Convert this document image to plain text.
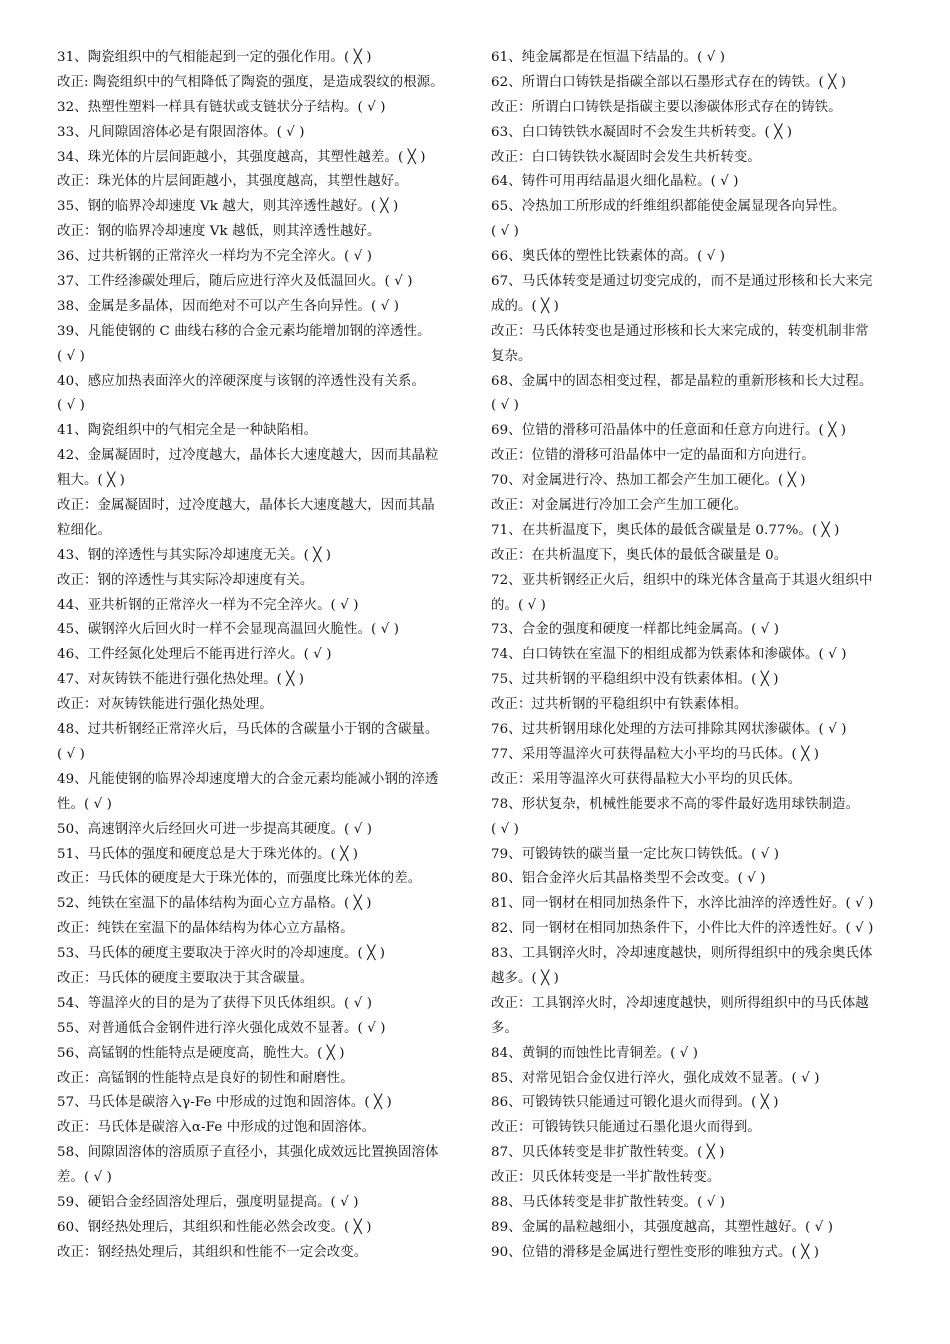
31、陶瓷组织中的气相能起到一定的强化作用。( ╳ )
改正: 陶瓷组织中的气相降低了陶瓷的强度，是造成裂纹的根源。
32、热塑性塑料一样具有链状或支链状分子结构。( √ )
33、凡间隙固溶体必是有限固溶体。( √ )
34、珠光体的片层间距越小，其强度越高，其塑性越差。( ╳ )
改正：珠光体的片层间距越小，其强度越高，其塑性越好。
35、钢的临界冷却速度 Vk 越大，则其淬透性越好。( ╳ )
改正：钢的临界冷却速度 Vk 越低，则其淬透性越好。
36、过共析钢的正常淬火一样均为不完全淬火。( √ )
37、工件经渗碳处理后，随后应进行淬火及低温回火。( √ )
38、金属是多晶体，因而绝对不可以产生各向异性。( √ )
39、凡能使钢的 C 曲线右移的合金元素均能增加钢的淬透性。
( √ )
40、感应加热表面淬火的淬硬深度与该钢的淬透性没有关系。
( √ )
41、陶瓷组织中的气相完全是一种缺陷相。
42、金属凝固时，过冷度越大，晶体长大速度越大，因而其晶粒
粗大。( ╳ )
改正：金属凝固时，过冷度越大，晶体长大速度越大，因而其晶
粒细化。
43、钢的淬透性与其实际冷却速度无关。( ╳ )
改正：钢的淬透性与其实际冷却速度有关。
44、亚共析钢的正常淬火一样为不完全淬火。( √ )
45、碳钢淬火后回火时一样不会显现高温回火脆性。( √ )
46、工件经氮化处理后不能再进行淬火。( √ )
47、对灰铸铁不能进行强化热处理。( ╳ )
改正：对灰铸铁能进行强化热处理。
48、过共析钢经正常淬火后，马氏体的含碳量小于钢的含碳量。
( √ )
49、凡能使钢的临界冷却速度增大的合金元素均能减小钢的淬透
性。( √ )
50、高速钢淬火后经回火可进一步提高其硬度。( √ )
51、马氏体的强度和硬度总是大于珠光体的。( ╳ )
改正：马氏体的硬度是大于珠光体的，而强度比珠光体的差。
52、纯铁在室温下的晶体结构为面心立方晶格。( ╳ )
改正：纯铁在室温下的晶体结构为体心立方晶格。
53、马氏体的硬度主要取决于淬火时的冷却速度。( ╳ )
改正：马氏体的硬度主要取决于其含碳量。
54、等温淬火的目的是为了获得下贝氏体组织。( √ )
55、对普通低合金钢件进行淬火强化成效不显著。( √ )
56、高锰钢的性能特点是硬度高，脆性大。( ╳ )
改正：高锰钢的性能特点是良好的韧性和耐磨性。
57、马氏体是碳溶入γ-Fe 中形成的过饱和固溶体。( ╳ )
改正：马氏体是碳溶入α-Fe 中形成的过饱和固溶体。
58、间隙固溶体的溶质原子直径小，其强化成效远比置换固溶体
差。( √ )
59、硬铝合金经固溶处理后，强度明显提高。( √ )
60、钢经热处理后，其组织和性能必然会改变。( ╳ )
改正：钢经热处理后，其组织和性能不一定会改变。
61、纯金属都是在恒温下结晶的。( √ )
62、所谓白口铸铁是指碳全部以石墨形式存在的铸铁。( ╳ )
改正：所谓白口铸铁是指碳主要以渗碳体形式存在的铸铁。
63、白口铸铁铁水凝固时不会发生共析转变。( ╳ )
改正：白口铸铁铁水凝固时会发生共析转变。
64、铸件可用再结晶退火细化晶粒。( √ )
65、冷热加工所形成的纤维组织都能使金属显现各向异性。
( √ )
66、奥氏体的塑性比铁素体的高。( √ )
67、马氏体转变是通过切变完成的，而不是通过形核和长大来完
成的。( ╳ )
改正：马氏体转变也是通过形核和长大来完成的，转变机制非常
复杂。
68、金属中的固态相变过程，都是晶粒的重新形核和长大过程。
( √ )
69、位错的滑移可沿晶体中的任意面和任意方向进行。( ╳ )
改正：位错的滑移可沿晶体中一定的晶面和方向进行。
70、对金属进行冷、热加工都会产生加工硬化。( ╳ )
改正：对金属进行冷加工会产生加工硬化。
71、在共析温度下，奥氏体的最低含碳量是 0.77%。( ╳ )
改正：在共析温度下，奥氏体的最低含碳量是 0。
72、亚共析钢经正火后，组织中的珠光体含量高于其退火组织中
的。( √ )
73、合金的强度和硬度一样都比纯金属高。( √ )
74、白口铸铁在室温下的相组成都为铁素体和渗碳体。( √ )
75、过共析钢的平稳组织中没有铁素体相。( ╳ )
改正：过共析钢的平稳组织中有铁素体相。
76、过共析钢用球化处理的方法可排除其网状渗碳体。( √ )
77、采用等温淬火可获得晶粒大小平均的马氏体。( ╳ )
改正：采用等温淬火可获得晶粒大小平均的贝氏体。
78、形状复杂，机械性能要求不高的零件最好选用球铁制造。
( √ )
79、可锻铸铁的碳当量一定比灰口铸铁低。( √ )
80、铝合金淬火后其晶格类型不会改变。( √ )
81、同一钢材在相同加热条件下，水淬比油淬的淬透性好。( √ )
82、同一钢材在相同加热条件下，小件比大件的淬透性好。( √ )
83、工具钢淬火时，冷却速度越快，则所得组织中的残余奥氏体
越多。( ╳ )
改正：工具钢淬火时，冷却速度越快，则所得组织中的马氏体越
多。
84、黄铜的而蚀性比青铜差。( √ )
85、对常见铝合金仅进行淬火，强化成效不显著。( √ )
86、可锻铸铁只能通过可锻化退火而得到。( ╳ )
改正：可锻铸铁只能通过石墨化退火而得到。
87、贝氏体转变是非扩散性转变。( ╳ )
改正：贝氏体转变是一半扩散性转变。
88、马氏体转变是非扩散性转变。( √ )
89、金属的晶粒越细小，其强度越高，其塑性越好。( √ )
90、位错的滑移是金属进行塑性变形的唯独方式。( ╳ )
